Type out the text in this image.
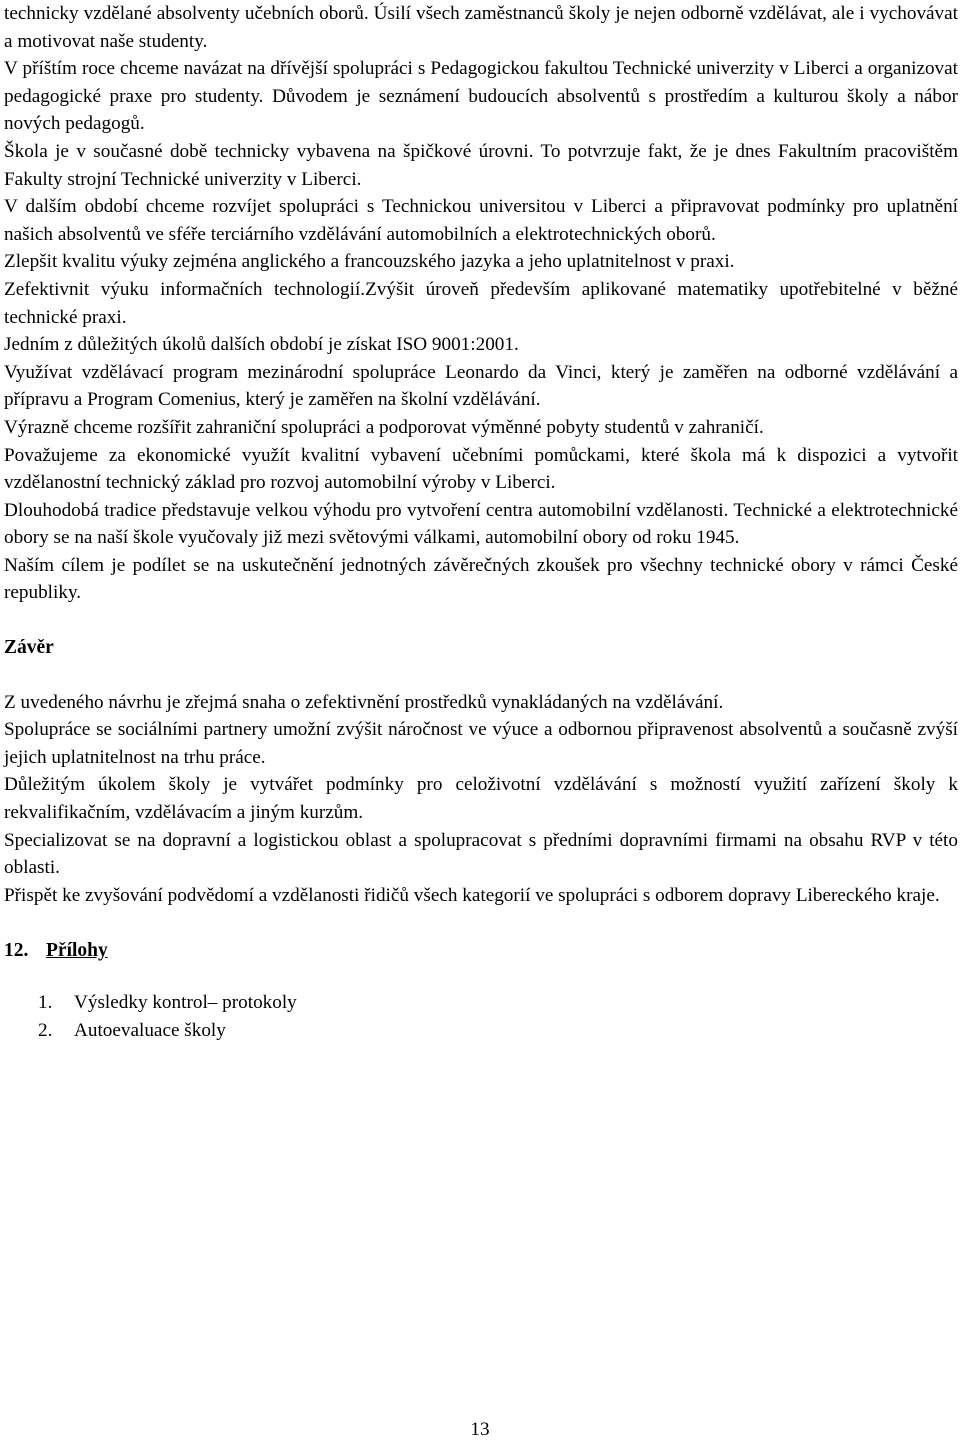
technicky vzdělané absolventy učebních oborů. Úsilí všech zaměstnanců školy je nejen odborně vzdělávat, ale i vychovávat a motivovat naše studenty.

V příštím roce chceme navázat na dřívější spolupráci s Pedagogickou fakultou Technické univerzity v Liberci a organizovat pedagogické praxe pro studenty. Důvodem je seznámení budoucích absolventů s prostředím a kulturou školy a nábor nových pedagogů.

Škola je v současné době technicky vybavena na špičkové úrovni. To potvrzuje fakt, že je dnes Fakultním pracovištěm Fakulty strojní Technické univerzity v Liberci.

V dalším období chceme rozvíjet spolupráci s Technickou universitou v Liberci a připravovat podmínky pro uplatnění našich absolventů ve sféře terciárního vzdělávání automobilních a elektrotechnických oborů.

Zlepšit kvalitu výuky zejména anglického a francouzského jazyka a jeho uplatnitelnost v praxi.

Zefektivnit výuku informačních technologií.Zvýšit úroveň především aplikované matematiky upotřebitelné v běžné technické praxi.

Jedním z důležitých úkolů dalších období je získat ISO 9001:2001.

Využívat vzdělávací program mezinárodní spolupráce Leonardo da Vinci, který je zaměřen na odborné vzdělávání a přípravu a Program Comenius, který je zaměřen na školní vzdělávání.

Výrazně chceme rozšířit zahraniční spolupráci a podporovat výměnné pobyty studentů v zahraničí.

Považujeme za ekonomické využít kvalitní vybavení učebními pomůckami, které škola má k dispozici a vytvořit vzdělanostní technický základ pro rozvoj automobilní výroby v Liberci.

Dlouhodobá tradice představuje velkou výhodu pro vytvoření centra automobilní vzdělanosti. Technické a elektrotechnické obory se na naší škole vyučovaly již mezi světovými válkami, automobilní obory od roku 1945.

Naším cílem je podílet se na uskutečnění jednotných závěrečných zkoušek pro všechny technické obory v rámci České republiky.

Závěr

Z uvedeného návrhu je zřejmá snaha o zefektivnění prostředků vynakládaných na vzdělávání.

Spolupráce se sociálními partnery umožní zvýšit náročnost ve výuce a odbornou připravenost absolventů a současně zvýší jejich uplatnitelnost na trhu práce.

Důležitým úkolem školy je vytvářet podmínky pro celoživotní vzdělávání s možností využití zařízení školy k rekvalifikačním, vzdělávacím a jiným kurzům.

Specializovat se na dopravní a logistickou oblast a spolupracovat s předními dopravními firmami na obsahu RVP v této oblasti.

Přispět ke zvyšování podvědomí a vzdělanosti řidičů všech kategorií ve spolupráci s odborem dopravy Libereckého kraje.

12. Přílohy
1.	Výsledky kontrol– protokoly
2.	Autoevaluace školy
13
